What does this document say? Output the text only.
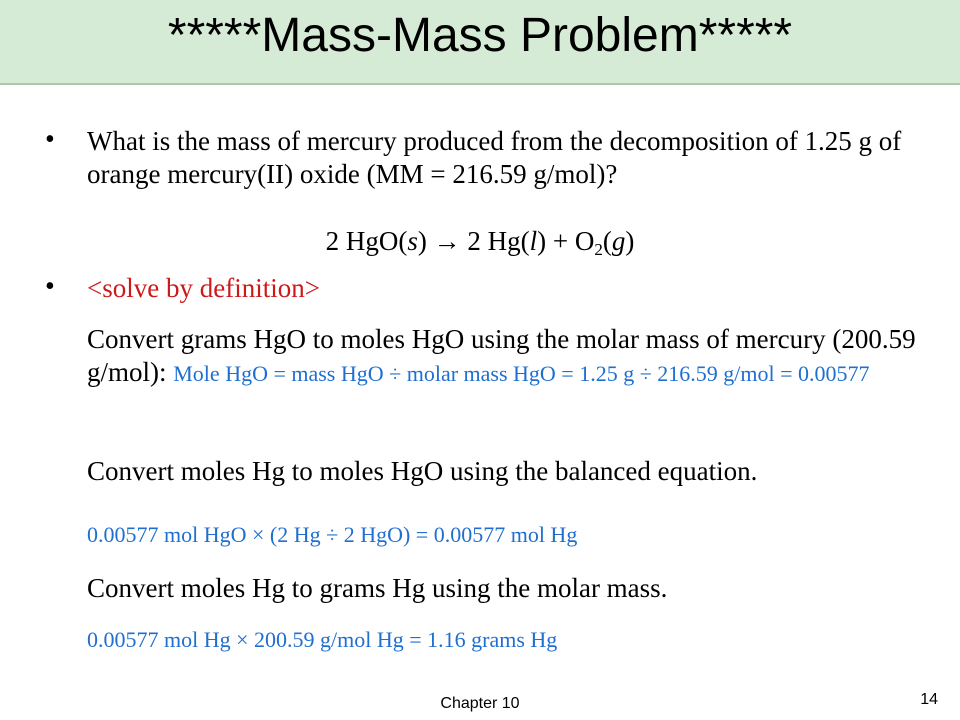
*****Mass-Mass Problem*****
• What is the mass of mercury produced from the decomposition of 1.25 g of orange mercury(II) oxide (MM = 216.59 g/mol)?
2 HgO(s) → 2 $Hg(l) + O_2(g)$
• <solve by definition>
Convert grams HgO to moles HgO using the molar mass of mercury (200.59 g/mol): Mole HgO = mass HgO ÷ molar mass HgO = 1.25 g ÷ 216.59 g/mol = 0.00577
Convert moles Hg to moles HgO using the balanced equation.
0.00577 mol HgO × (2 Hg ÷ 2 HgO) = 0.00577 mol Hg
Convert moles Hg to grams Hg using the molar mass.
0.00577 mol Hg × 200.59 g/mol Hg = 1.16 grams Hg
Chapter 10	14
